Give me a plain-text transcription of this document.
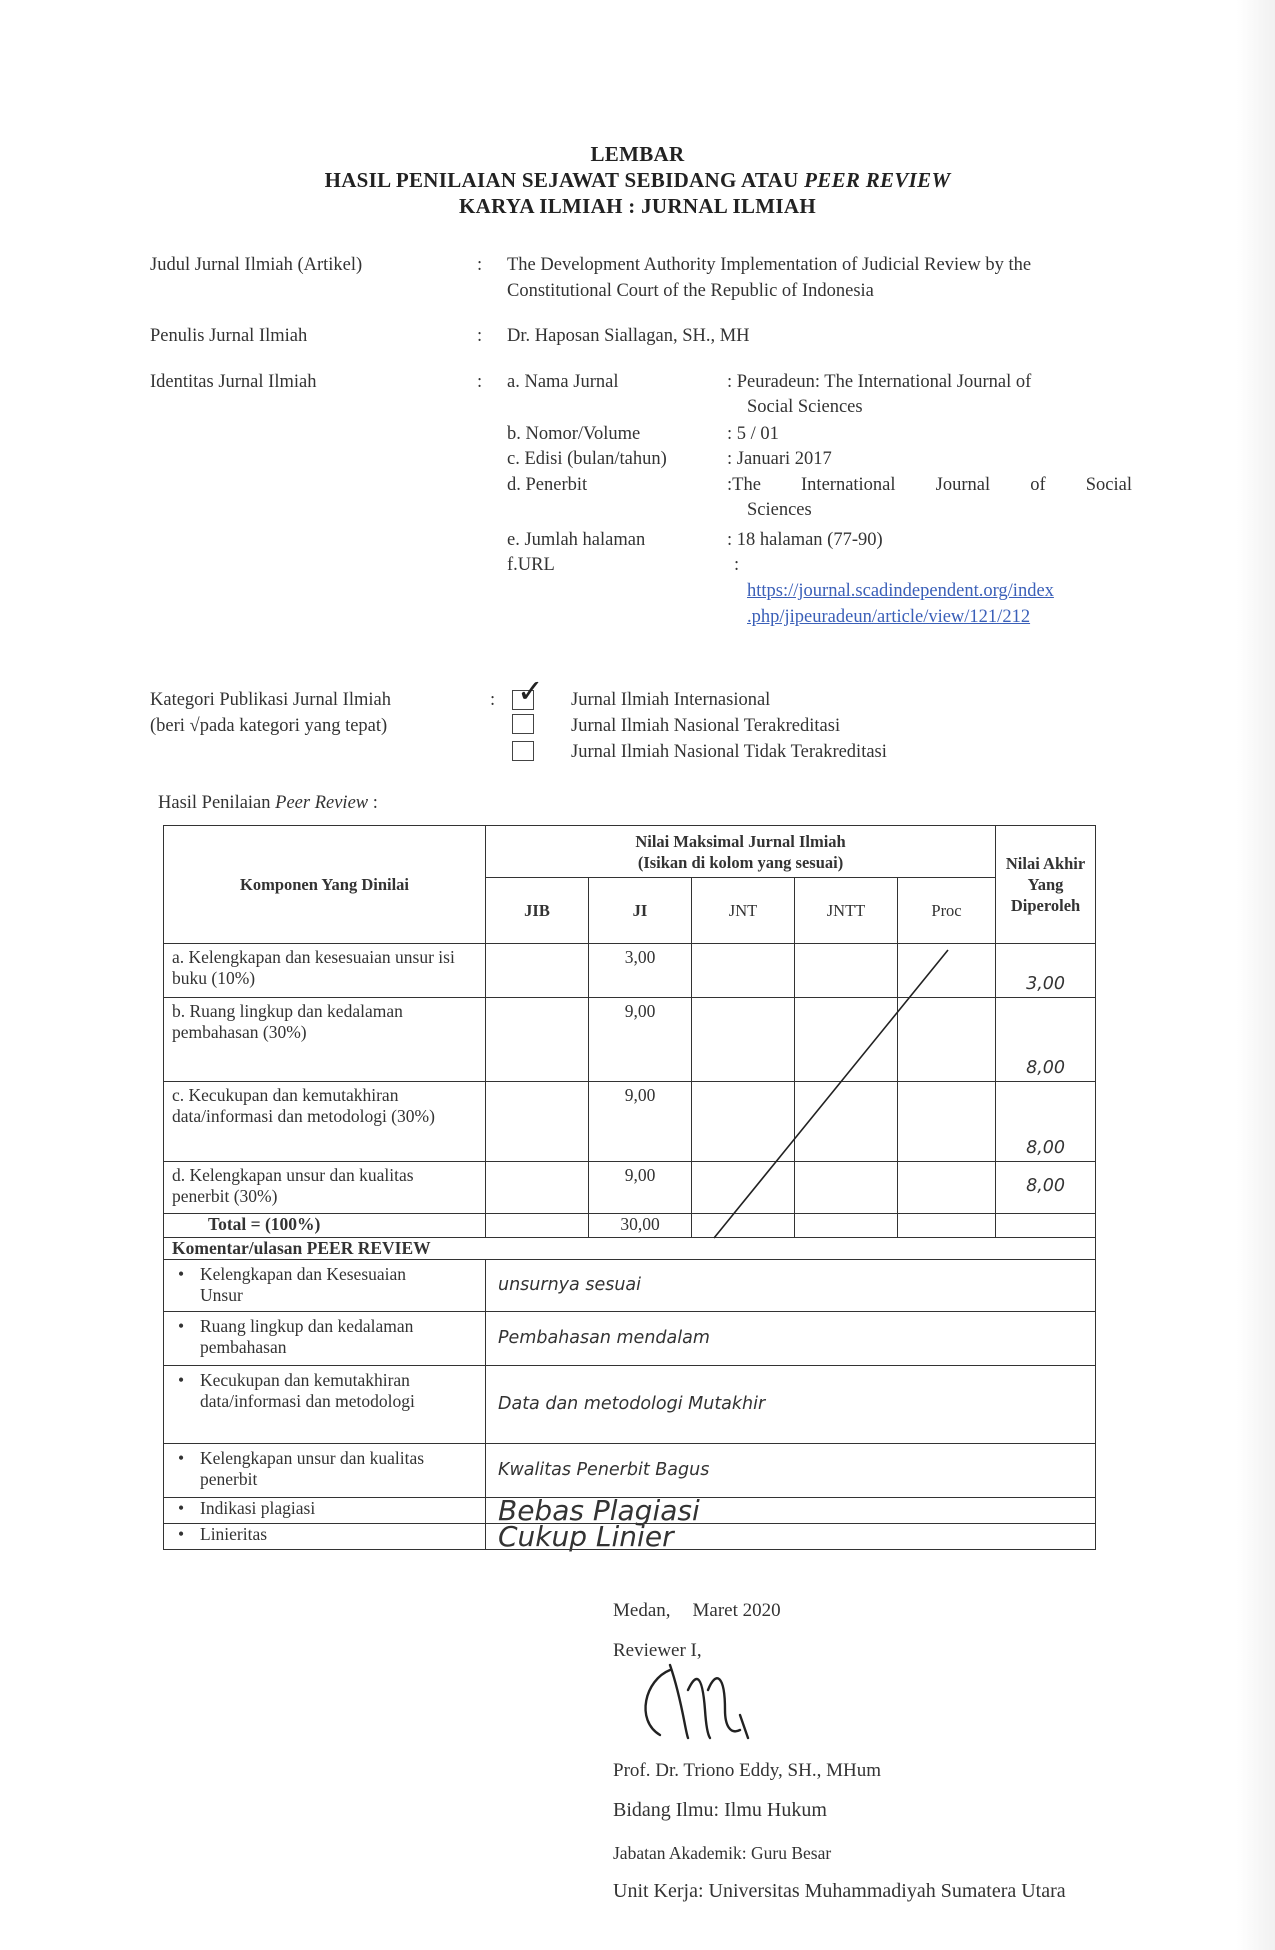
LEMBAR
HASIL PENILAIAN SEJAWAT SEBIDANG ATAU PEER REVIEW
KARYA ILMIAH : JURNAL ILMIAH
Judul Jurnal Ilmiah (Artikel)	: The Development Authority Implementation of Judicial Review by the Constitutional Court of the Republic of Indonesia
Penulis Jurnal Ilmiah	: Dr. Haposan Siallagan, SH., MH
Identitas Jurnal Ilmiah	: a. Nama Jurnal	: Peuradeun: The International Journal of
Social Sciences
b. Nomor/Volume	: 5 / 01
c. Edisi (bulan/tahun)	: Januari 2017
d. Penerbit	:The International Journal of Social
Sciences
e. Jumlah halaman	: 18 halaman (77-90)
f.URL	:
https://journal.scadindependent.org/index
.php/jipeuradeun/article/view/121/212
Kategori Publikasi Jurnal Ilmiah
(beri √pada kategori yang tepat)
: ✓ Jurnal Ilmiah Internasional
Jurnal Ilmiah Nasional Terakreditasi
Jurnal Ilmiah Nasional Tidak Terakreditasi
Hasil Penilaian Peer Review :
Komponen Yang Dinilai	Nilai Maksimal Jurnal Ilmiah
(Isikan di kolom yang sesuai)					Nilai Akhir Yang Diperoleh
	JIB	JI	JNT	JNTT	Proc	
a. Kelengkapan dan kesesuaian unsur isi buku (10%)		3,00				3,00
b. Ruang lingkup dan kedalaman pembahasan (30%)		9,00				8,00
c. Kecukupan dan kemutakhiran data/informasi dan metodologi (30%)		9,00				8,00
d. Kelengkapan unsur dan kualitas penerbit (30%)		9,00				8,00
Total = (100%)		30,00				
Komentar/ulasan PEER REVIEW						

• Kelengkapan dan Kesesuaian Unsur	unsurnya sesuai					

• Ruang lingkup dan kedalaman pembahasan	Pembahasan mendalam					

• Kecukupan dan kemutakhiran data/informasi dan metodologi	Data dan metodologi Mutakhir					

• Kelengkapan unsur dan kualitas penerbit	Kwalitas Penerbit Bagus					
• Indikasi plagiasi	Bebas Plagiasi					
• Linieritas	Cukup Linier					
Medan, Maret 2020
Reviewer I,
Prof. Dr. Triono Eddy, SH., MHum
Bidang Ilmu: Ilmu Hukum
Jabatan Akademik: Guru Besar
Unit Kerja: Universitas Muhammadiyah Sumatera Utara
